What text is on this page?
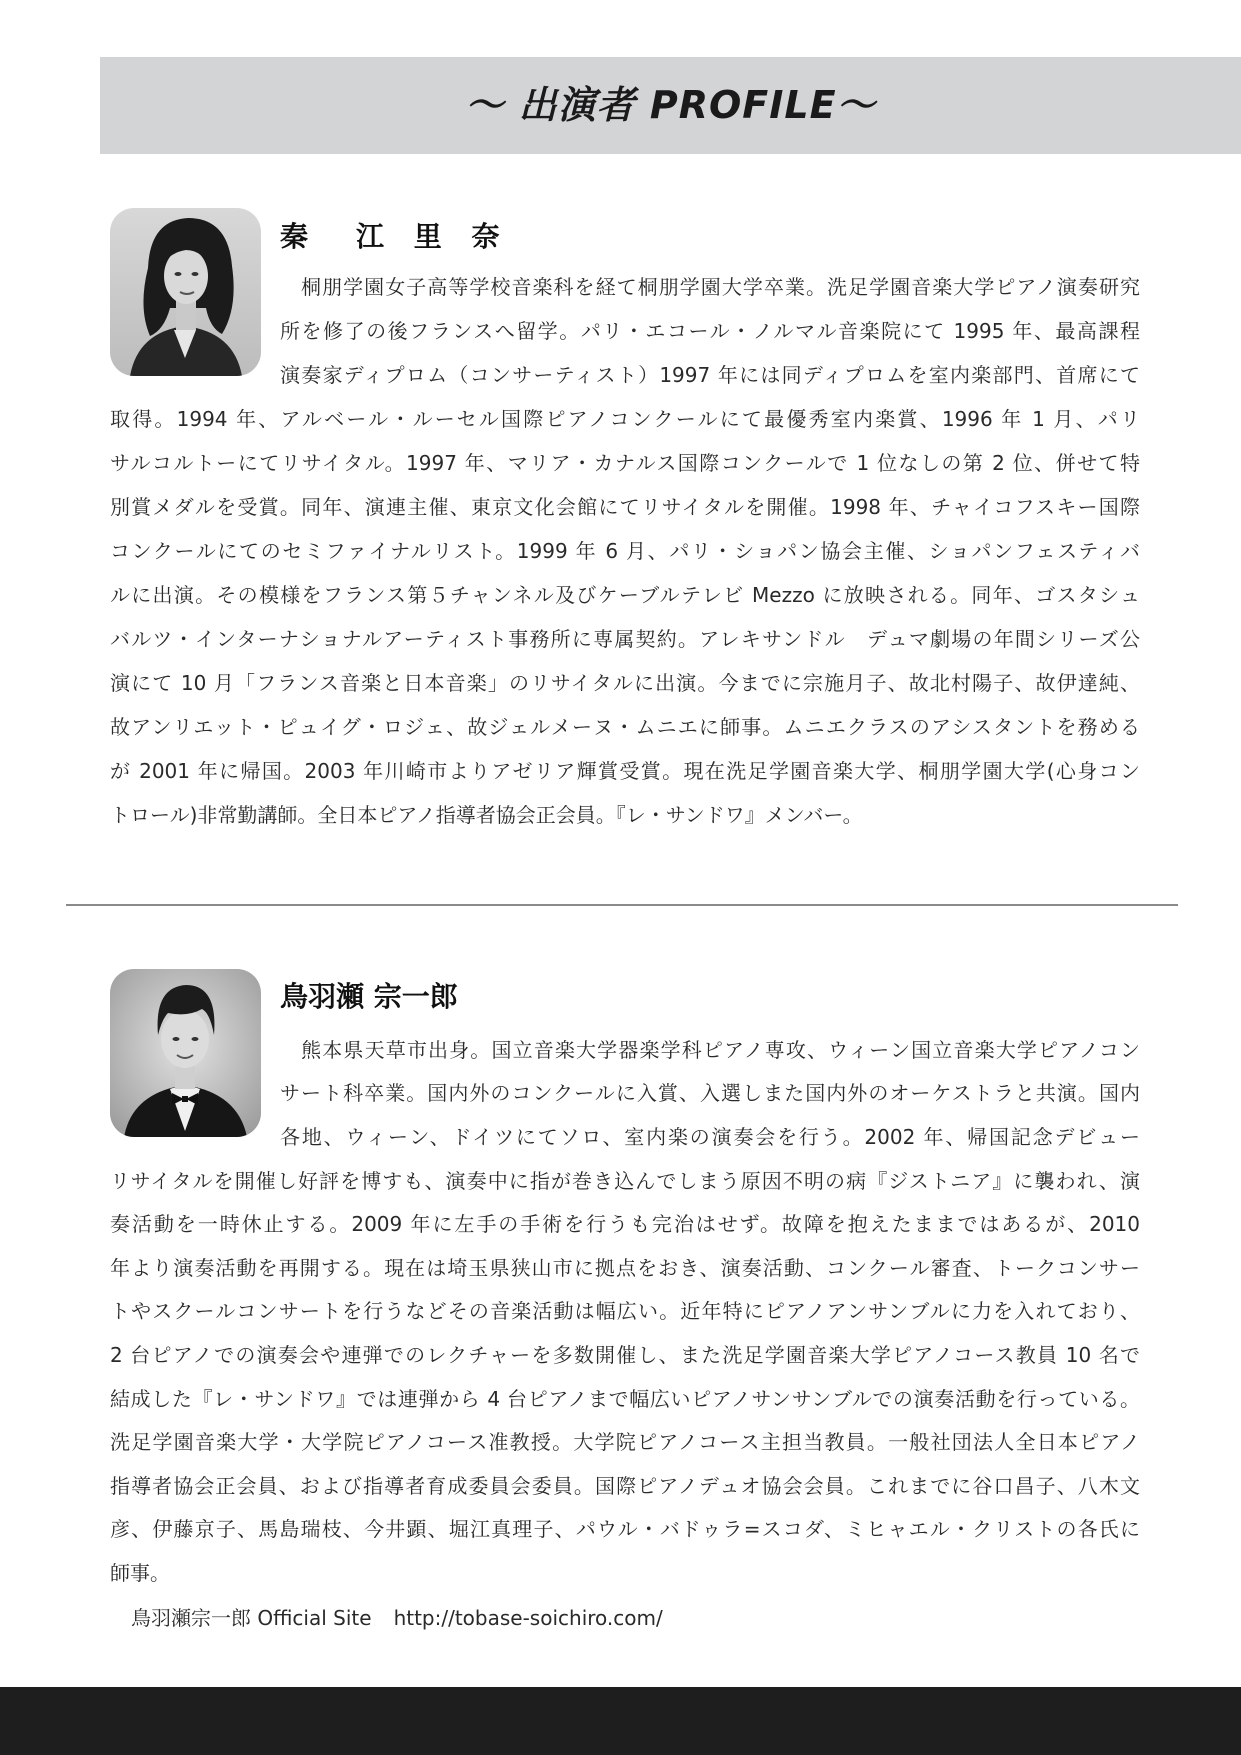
～ 出演者 PROFILE～
秦　江 里 奈
　桐朋学園女子高等学校音楽科を経て桐朋学園大学卒業。洗足学園音楽大学ピアノ演奏研究
所を修了の後フランスへ留学。パリ・エコール・ノルマル音楽院にて 1995 年、最高課程
演奏家ディプロム（コンサーティスト）1997 年には同ディプロムを室内楽部門、首席にて
取得。1994 年、アルベール・ルーセル国際ピアノコンクールにて最優秀室内楽賞、1996 年 1 月、パリ
サルコルトーにてリサイタル。1997 年、マリア・カナルス国際コンクールで 1 位なしの第 2 位、併せて特
別賞メダルを受賞。同年、演連主催、東京文化会館にてリサイタルを開催。1998 年、チャイコフスキー国際
コンクールにてのセミファイナルリスト。1999 年 6 月、パリ・ショパン協会主催、ショパンフェスティバ
ルに出演。その模様をフランス第５チャンネル及びケーブルテレビ Mezzo に放映される。同年、ゴスタシュ
バルツ・インターナショナルアーティスト事務所に専属契約。アレキサンドル　デュマ劇場の年間シリーズ公
演にて 10 月「フランス音楽と日本音楽」のリサイタルに出演。今までに宗施月子、故北村陽子、故伊達純、
故アンリエット・ピュイグ・ロジェ、故ジェルメーヌ・ムニエに師事。ムニエクラスのアシスタントを務める
が 2001 年に帰国。2003 年川崎市よりアゼリア輝賞受賞。現在洗足学園音楽大学、桐朋学園大学(心身コン
トロール)非常勤講師。全日本ピアノ指導者協会正会員。『レ・サンドワ』メンバー。
鳥羽瀬 宗一郎
　熊本県天草市出身。国立音楽大学器楽学科ピアノ専攻、ウィーン国立音楽大学ピアノコン
サート科卒業。国内外のコンクールに入賞、入選しまた国内外のオーケストラと共演。国内
各地、ウィーン、ドイツにてソロ、室内楽の演奏会を行う。2002 年、帰国記念デビュー
リサイタルを開催し好評を博すも、演奏中に指が巻き込んでしまう原因不明の病『ジストニア』に襲われ、演
奏活動を一時休止する。2009 年に左手の手術を行うも完治はせず。故障を抱えたままではあるが、2010
年より演奏活動を再開する。現在は埼玉県狭山市に拠点をおき、演奏活動、コンクール審査、トークコンサー
トやスクールコンサートを行うなどその音楽活動は幅広い。近年特にピアノアンサンブルに力を入れており、
2 台ピアノでの演奏会や連弾でのレクチャーを多数開催し、また洗足学園音楽大学ピアノコース教員 10 名で
結成した『レ・サンドワ』では連弾から 4 台ピアノまで幅広いピアノサンサンブルでの演奏活動を行っている。
洗足学園音楽大学・大学院ピアノコース准教授。大学院ピアノコース主担当教員。一般社団法人全日本ピアノ
指導者協会正会員、および指導者育成委員会委員。国際ピアノデュオ協会会員。これまでに谷口昌子、八木文
彦、伊藤京子、馬島瑞枝、今井顕、堀江真理子、パウル・バドゥラ=スコダ、ミヒャエル・クリストの各氏に
師事。
鳥羽瀬宗一郎 Official Site http://tobase-soichiro.com/
